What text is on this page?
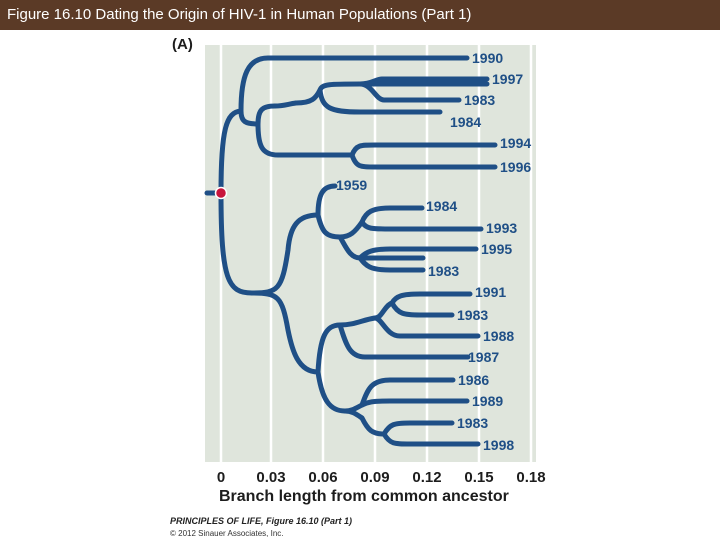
Figure 16.10 Dating the Origin of HIV-1 in Human Populations (Part 1)
(A)
1990
1997
1983
1984
1994
1996
1959
1984
1993
1995
1983
1991
1983
1988
1987
1986
1989
1983
1998
0 0.03 0.06 0.09 0.12 0.15 0.18
Branch length from common ancestor
PRINCIPLES OF LIFE, Figure 16.10 (Part 1)
© 2012 Sinauer Associates, Inc.
